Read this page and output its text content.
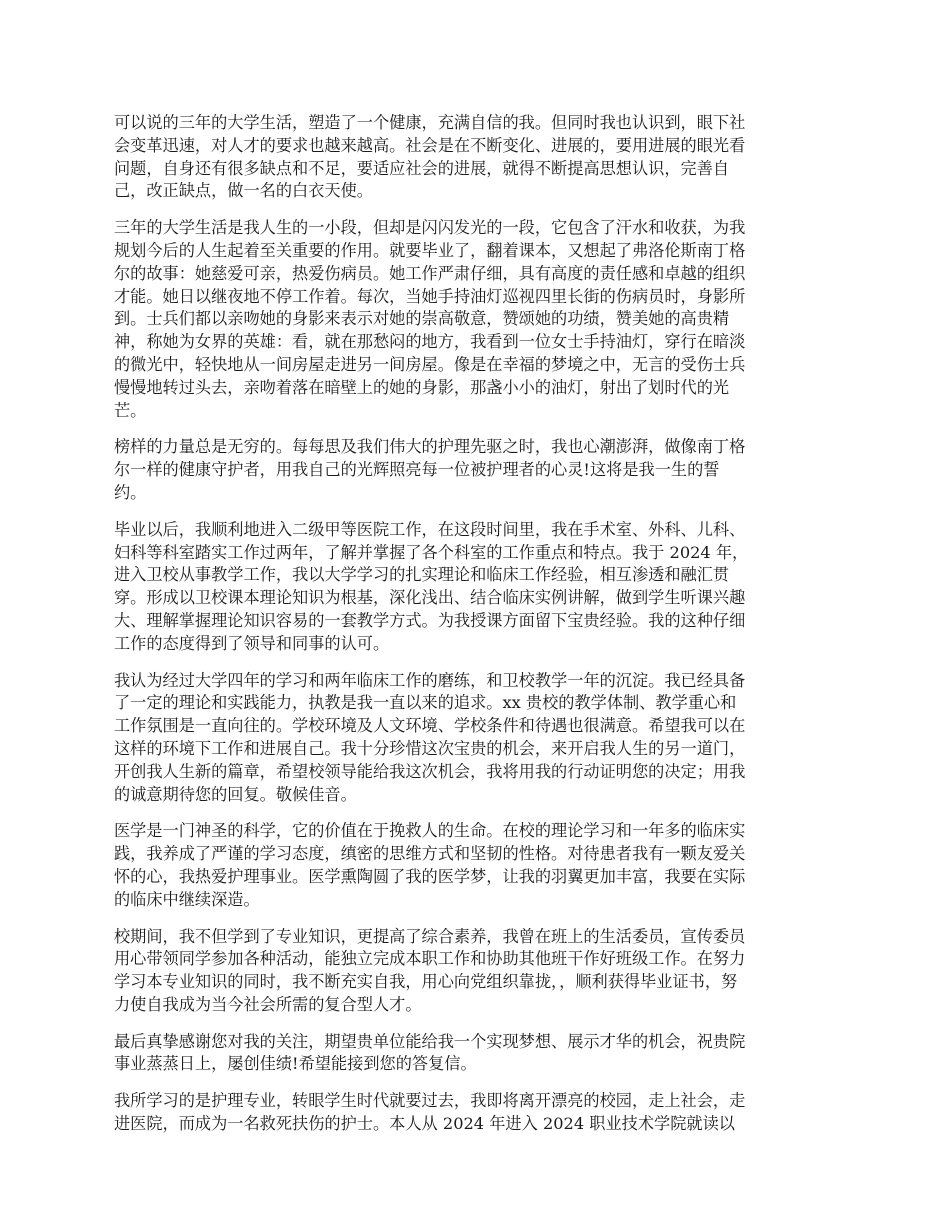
可以说的三年的大学生活，塑造了一个健康，充满自信的我。但同时我也认识到，眼下社
会变革迅速，对人才的要求也越来越高。社会是在不断变化、进展的，要用进展的眼光看
问题，自身还有很多缺点和不足，要适应社会的进展，就得不断提高思想认识，完善自
己，改正缺点，做一名的白衣天使。

三年的大学生活是我人生的一小段，但却是闪闪发光的一段，它包含了汗水和收获，为我
规划今后的人生起着至关重要的作用。就要毕业了，翻着课本，又想起了弗洛伦斯南丁格
尔的故事：她慈爱可亲，热爱伤病员。她工作严肃仔细，具有高度的责任感和卓越的组织
才能。她日以继夜地不停工作着。每次，当她手持油灯巡视四里长街的伤病员时，身影所
到。士兵们都以亲吻她的身影来表示对她的崇高敬意，赞颂她的功绩，赞美她的高贵精
神，称她为女界的英雄：看，就在那愁闷的地方，我看到一位女士手持油灯，穿行在暗淡
的微光中，轻快地从一间房屋走进另一间房屋。像是在幸福的梦境之中，无言的受伤士兵
慢慢地转过头去，亲吻着落在暗壁上的她的身影，那盏小小的油灯，射出了划时代的光
芒。

榜样的力量总是无穷的。每每思及我们伟大的护理先驱之时，我也心潮澎湃，做像南丁格
尔一样的健康守护者，用我自己的光辉照亮每一位被护理者的心灵!这将是我一生的誓
约。

毕业以后，我顺利地进入二级甲等医院工作，在这段时间里，我在手术室、外科、儿科、
妇科等科室踏实工作过两年，了解并掌握了各个科室的工作重点和特点。我于 2024 年，
进入卫校从事教学工作，我以大学学习的扎实理论和临床工作经验，相互渗透和融汇贯
穿。形成以卫校课本理论知识为根基，深化浅出、结合临床实例讲解，做到学生听课兴趣
大、理解掌握理论知识容易的一套教学方式。为我授课方面留下宝贵经验。我的这种仔细
工作的态度得到了领导和同事的认可。

我认为经过大学四年的学习和两年临床工作的磨练，和卫校教学一年的沉淀。我已经具备
了一定的理论和实践能力，执教是我一直以来的追求。xx 贵校的教学体制、教学重心和
工作氛围是一直向往的。学校环境及人文环境、学校条件和待遇也很满意。希望我可以在
这样的环境下工作和进展自己。我十分珍惜这次宝贵的机会，来开启我人生的另一道门，
开创我人生新的篇章，希望校领导能给我这次机会，我将用我的行动证明您的决定；用我
的诚意期待您的回复。敬候佳音。

医学是一门神圣的科学，它的价值在于挽救人的生命。在校的理论学习和一年多的临床实
践，我养成了严谨的学习态度，缜密的思维方式和坚韧的性格。对待患者我有一颗友爱关
怀的心，我热爱护理事业。医学熏陶圆了我的医学梦，让我的羽翼更加丰富，我要在实际
的临床中继续深造。

校期间，我不但学到了专业知识，更提高了综合素养，我曾在班上的生活委员，宣传委员
用心带领同学参加各种活动，能独立完成本职工作和协助其他班干作好班级工作。在努力
学习本专业知识的同时，我不断充实自我，用心向党组织靠拢，，顺利获得毕业证书，努
力使自我成为当今社会所需的复合型人才。

最后真挚感谢您对我的关注，期望贵单位能给我一个实现梦想、展示才华的机会，祝贵院
事业蒸蒸日上，屡创佳绩!希望能接到您的答复信。

我所学习的是护理专业，转眼学生时代就要过去，我即将离开漂亮的校园，走上社会，走
进医院，而成为一名救死扶伤的护士。本人从 2024 年进入 2024 职业技术学院就读以
